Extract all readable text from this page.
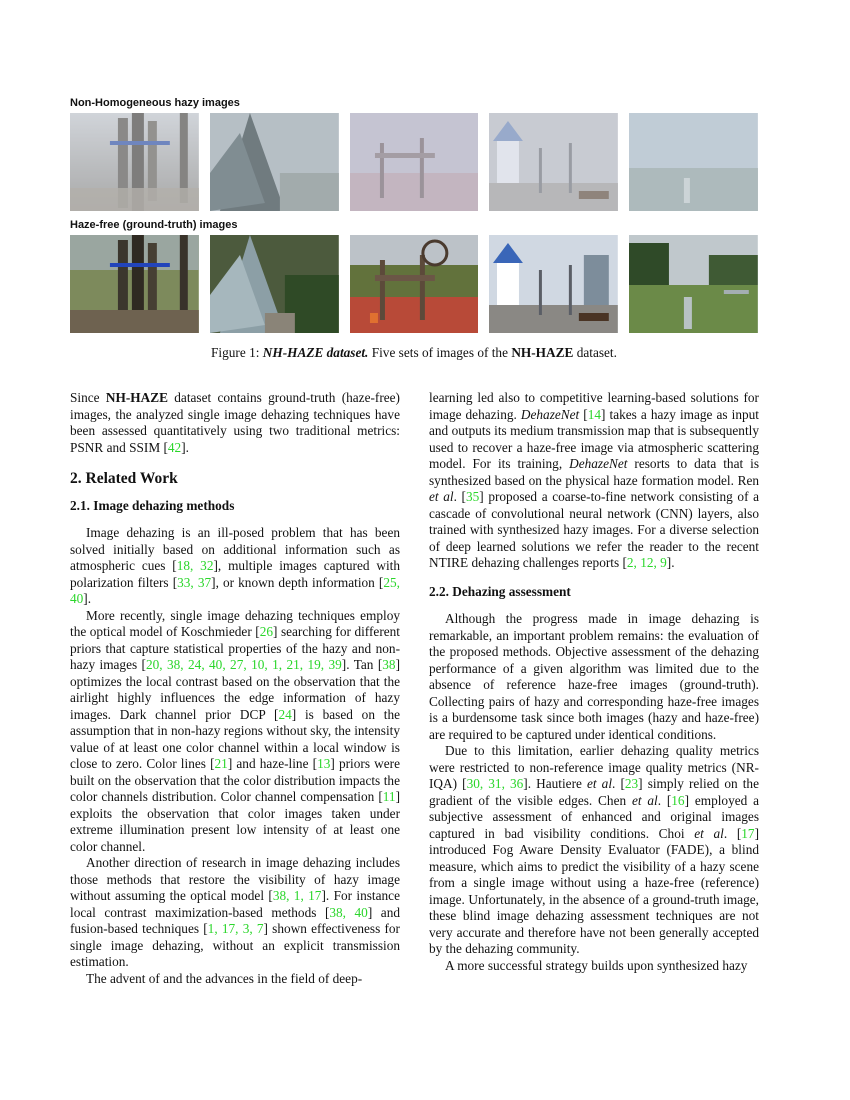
Non-Homogeneous hazy images
Haze-free (ground-truth) images
Figure 1: NH-HAZE dataset. Five sets of images of the NH-HAZE dataset.

Since NH-HAZE dataset contains ground-truth (haze-free) images, the analyzed single image dehazing techniques have been assessed quantitatively using two traditional metrics: PSNR and SSIM [42].

2. Related Work
2.1. Image dehazing methods

Image dehazing is an ill-posed problem that has been solved initially based on additional information such as atmospheric cues [18, 32], multiple images captured with polarization filters [33, 37], or known depth information [25, 40].

More recently, single image dehazing techniques employ the optical model of Koschmieder [26] searching for different priors that capture statistical properties of the hazy and non-hazy images [20, 38, 24, 40, 27, 10, 1, 21, 19, 39]. Tan [38] optimizes the local contrast based on the observation that the airlight highly influences the edge information of hazy images. Dark channel prior DCP [24] is based on the assumption that in non-hazy regions without sky, the intensity value of at least one color channel within a local window is close to zero. Color lines [21] and haze-line [13] priors were built on the observation that the color distribution impacts the color channels distribution. Color channel compensation [11] exploits the observation that color images taken under extreme illumination present low intensity of at least one color channel.

Another direction of research in image dehazing includes those methods that restore the visibility of hazy image without assuming the optical model [38, 1, 17]. For instance local contrast maximization-based methods [38, 40] and fusion-based techniques [1, 17, 3, 7] shown effectiveness for single image dehazing, without an explicit transmission estimation.

The advent of and the advances in the field of deep-

learning led also to competitive learning-based solutions for image dehazing. DehazeNet [14] takes a hazy image as input and outputs its medium transmission map that is subsequently used to recover a haze-free image via atmospheric scattering model. For its training, DehazeNet resorts to data that is synthesized based on the physical haze formation model. Ren et al. [35] proposed a coarse-to-fine network consisting of a cascade of convolutional neural network (CNN) layers, also trained with synthesized hazy images. For a diverse selection of deep learned solutions we refer the reader to the recent NTIRE dehazing challenges reports [2, 12, 9].

2.2. Dehazing assessment

Although the progress made in image dehazing is remarkable, an important problem remains: the evaluation of the proposed methods. Objective assessment of the dehazing performance of a given algorithm was limited due to the absence of reference haze-free images (ground-truth). Collecting pairs of hazy and corresponding haze-free images is a burdensome task since both images (hazy and haze-free) are required to be captured under identical conditions.

Due to this limitation, earlier dehazing quality metrics were restricted to non-reference image quality metrics (NR-IQA) [30, 31, 36]. Hautiere et al. [23] simply relied on the gradient of the visible edges. Chen et al. [16] employed a subjective assessment of enhanced and original images captured in bad visibility conditions. Choi et al. [17] introduced Fog Aware Density Evaluator (FADE), a blind measure, which aims to predict the visibility of a hazy scene from a single image without using a haze-free (reference) image. Unfortunately, in the absence of a ground-truth image, these blind image dehazing assessment techniques are not very accurate and therefore have not been generally accepted by the dehazing community.

A more successful strategy builds upon synthesized hazy
